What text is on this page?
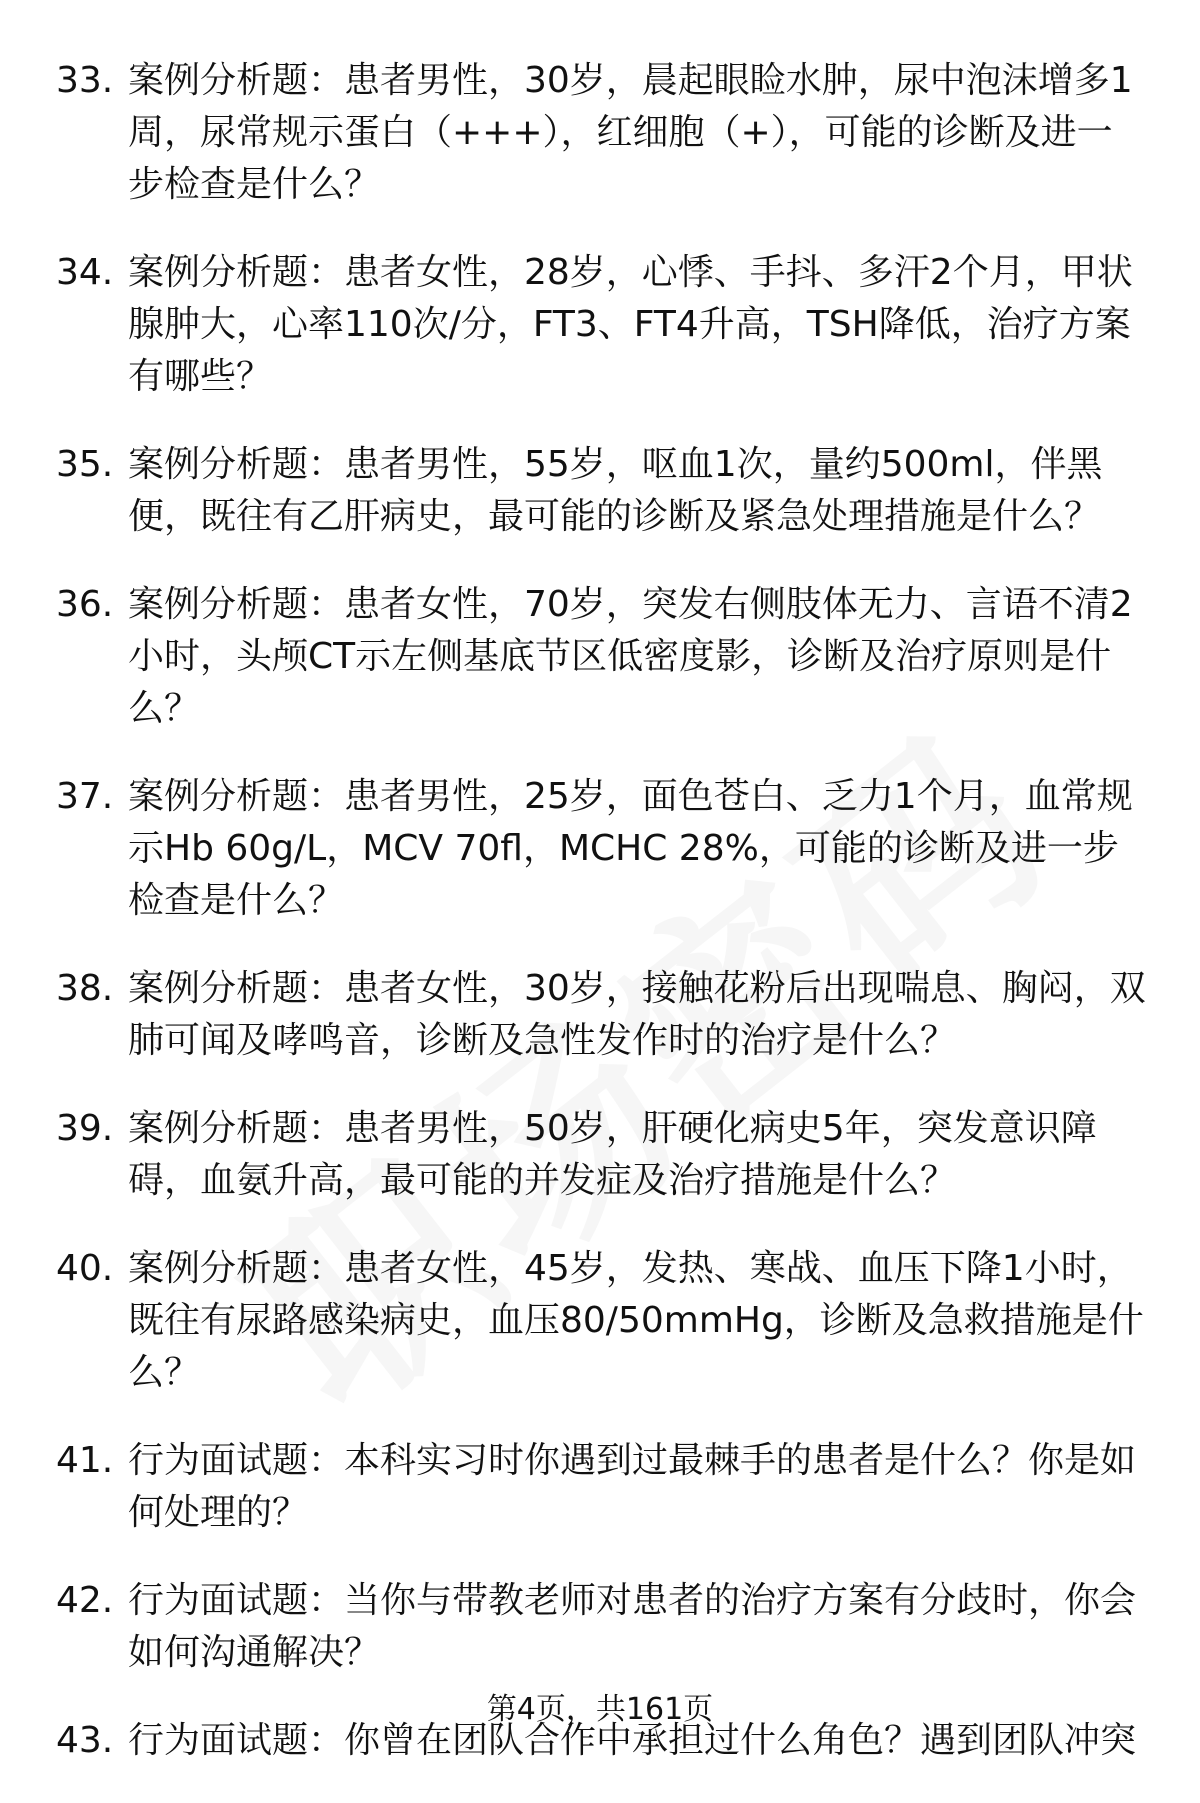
33. 案例分析题：患者男性，30岁，晨起眼睑水肿，尿中泡沫增多1周，尿常规示蛋白（+++），红细胞（+），可能的诊断及进一步检查是什么？
34. 案例分析题：患者女性，28岁，心悸、手抖、多汗2个月，甲状腺肿大，心率110次/分，FT3、FT4升高，TSH降低，治疗方案有哪些？
35. 案例分析题：患者男性，55岁，呕血1次，量约500ml，伴黑便，既往有乙肝病史，最可能的诊断及紧急处理措施是什么？
36. 案例分析题：患者女性，70岁，突发右侧肢体无力、言语不清2小时，头颅CT示左侧基底节区低密度影，诊断及治疗原则是什么？
37. 案例分析题：患者男性，25岁，面色苍白、乏力1个月，血常规示Hb 60g/L，MCV 70fl，MCHC 28%，可能的诊断及进一步检查是什么？
38. 案例分析题：患者女性，30岁，接触花粉后出现喘息、胸闷，双肺可闻及哮鸣音，诊断及急性发作时的治疗是什么？
39. 案例分析题：患者男性，50岁，肝硬化病史5年，突发意识障碍，血氨升高，最可能的并发症及治疗措施是什么？
40. 案例分析题：患者女性，45岁，发热、寒战、血压下降1小时，既往有尿路感染病史，血压80/50mmHg，诊断及急救措施是什么？
41. 行为面试题：本科实习时你遇到过最棘手的患者是什么？你是如何处理的？
42. 行为面试题：当你与带教老师对患者的治疗方案有分歧时，你会如何沟通解决？
43. 行为面试题：你曾在团队合作中承担过什么角色？遇到团队冲突
第4页，共161页
